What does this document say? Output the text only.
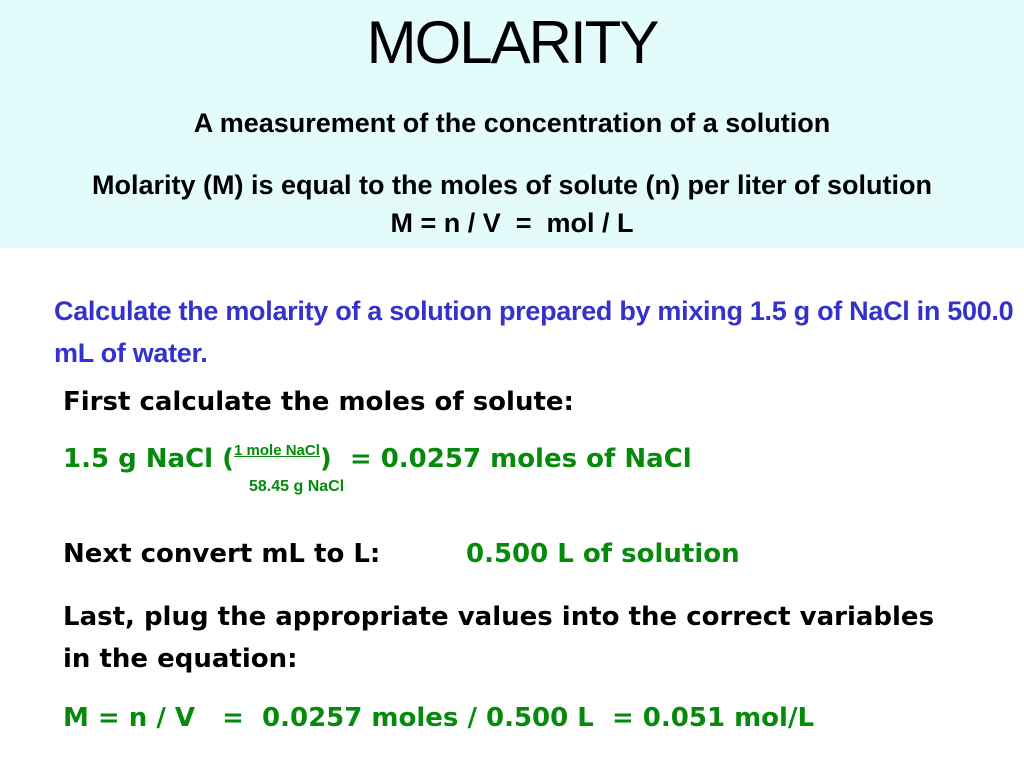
MOLARITY
A measurement of the concentration of a solution
Molarity (M) is equal to the moles of solute (n) per liter of solution
M = n / V  =  mol / L
Calculate the molarity of a solution prepared by mixing 1.5 g of NaCl in 500.0 mL of water.
First calculate the moles of solute:
1.5 g NaCl (1 mole NaCl)  = 0.0257 moles of NaCl
58.45 g NaCl
Next convert mL to L:	0.500 L of solution
Last, plug the appropriate values into the correct variables in the equation:
M = n / V   =  0.0257 moles / 0.500 L  = 0.051 mol/L
